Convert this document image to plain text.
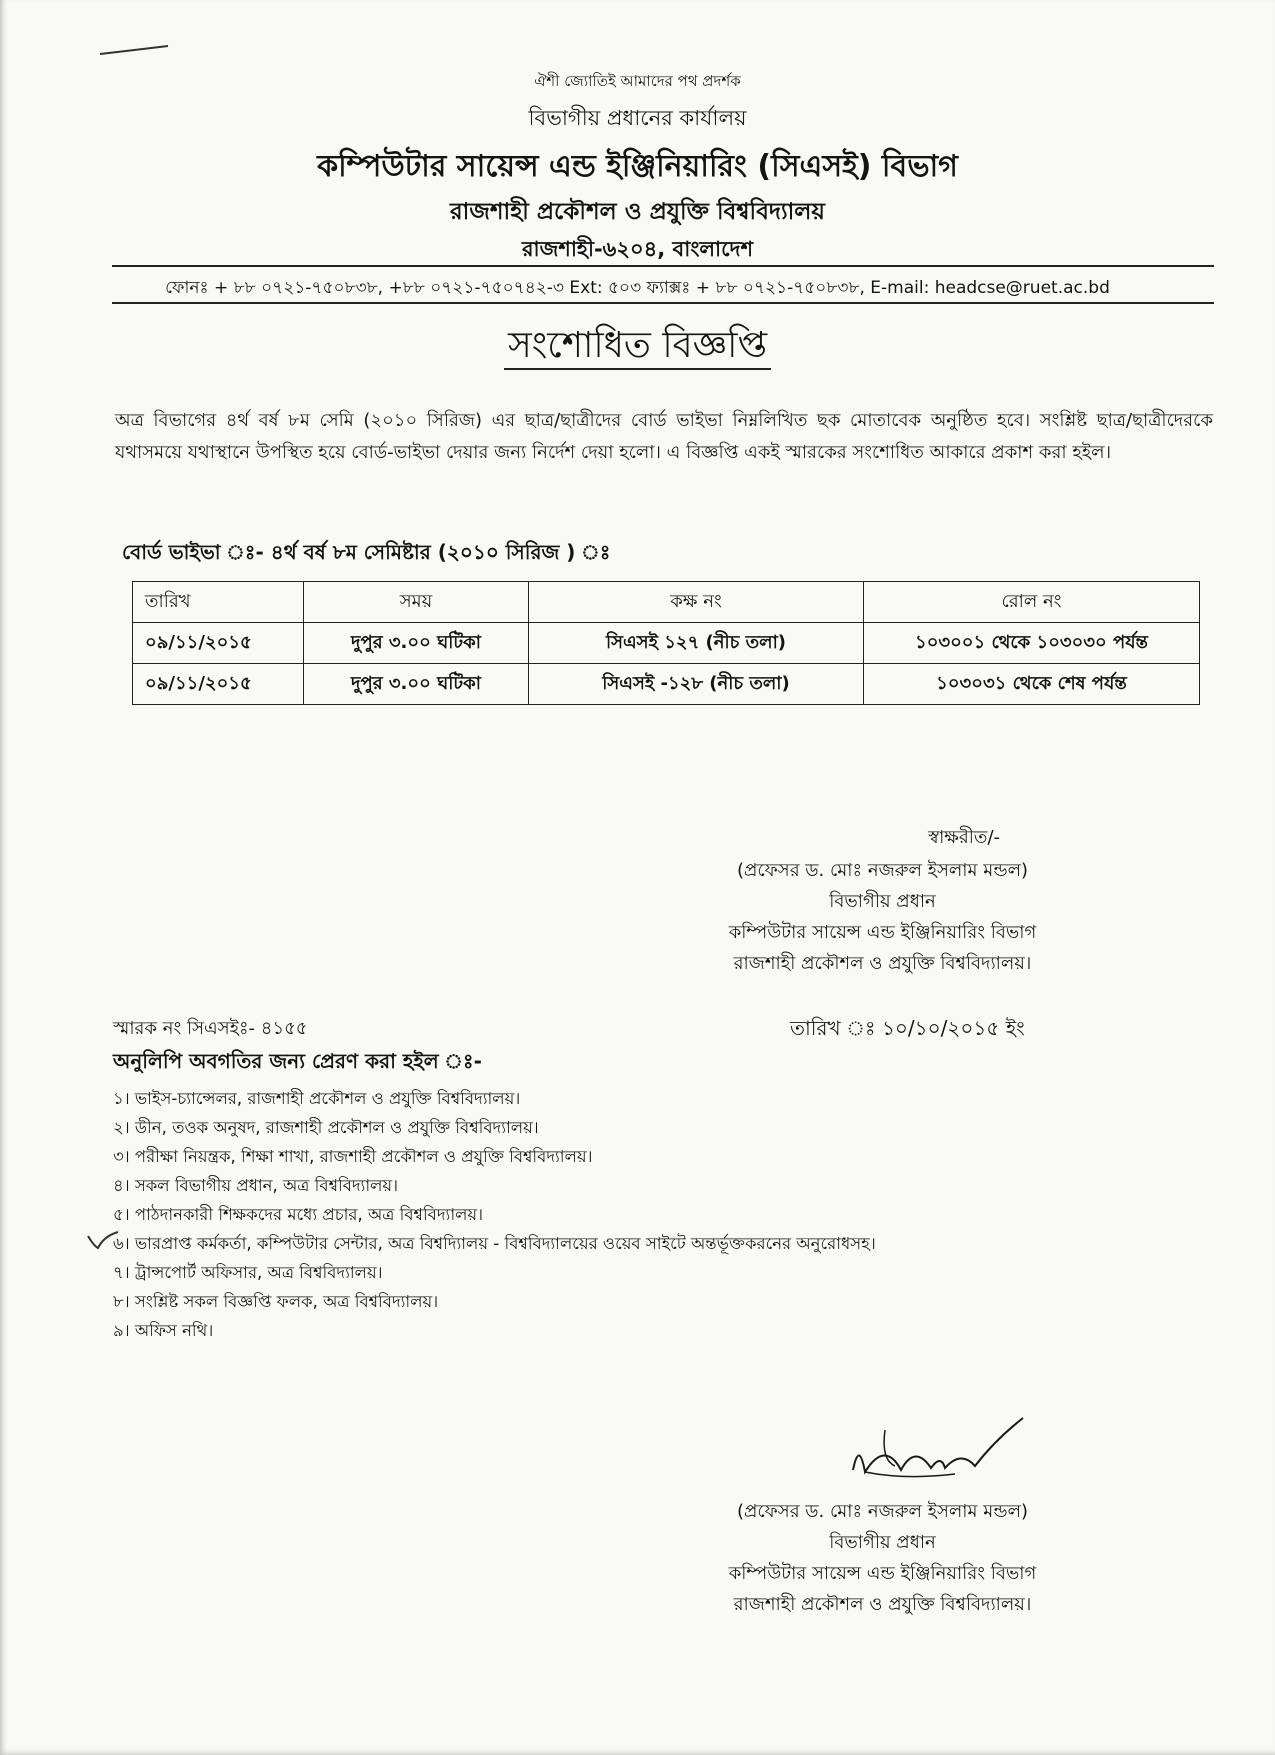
ঐশী জ্যোতিই আমাদের পথ প্রদর্শক
বিভাগীয় প্রধানের কার্যালয়
কম্পিউটার সায়েন্স এন্ড ইঞ্জিনিয়ারিং (সিএসই) বিভাগ
রাজশাহী প্রকৌশল ও প্রযুক্তি বিশ্ববিদ্যালয়
রাজশাহী-৬২০৪, বাংলাদেশ
ফোনঃ + ৮৮ ০৭২১-৭৫০৮৩৮, +৮৮ ০৭২১-৭৫০৭৪২-৩ Ext: ৫০৩ ফ্যাক্সঃ + ৮৮ ০৭২১-৭৫০৮৩৮, E-mail: headcse@ruet.ac.bd
সংশোধিত বিজ্ঞপ্তি
অত্র বিভাগের ৪র্থ বর্ষ ৮ম সেমি (২০১০ সিরিজ) এর ছাত্র/ছাত্রীদের বোর্ড ভাইভা নিম্নলিখিত ছক মোতাবেক অনুষ্ঠিত হবে। সংশ্লিষ্ট ছাত্র/ছাত্রীদেরকে যথাসময়ে যথাস্থানে উপস্থিত হয়ে বোর্ড-ভাইভা দেয়ার জন্য নির্দেশ দেয়া হলো। এ বিজ্ঞপ্তি একই স্মারকের সংশোধিত আকারে প্রকাশ করা হইল।
বোর্ড ভাইভা ঃ- ৪র্থ বর্ষ ৮ম সেমিষ্টার (২০১০ সিরিজ ) ঃ
তারিখ	সময়	কক্ষ নং	রোল নং
০৯/১১/২০১৫	দুপুর ৩.০০ ঘটিকা	সিএসই ১২৭ (নীচ তলা)	১০৩০০১ থেকে ১০৩০৩০ পর্যন্ত
০৯/১১/২০১৫	দুপুর ৩.০০ ঘটিকা	সিএসই -১২৮ (নীচ তলা)	১০৩০৩১ থেকে শেষ পর্যন্ত
স্বাক্ষরীত/-
(প্রফেসর ড. মোঃ নজরুল ইসলাম মন্ডল)
বিভাগীয় প্রধান
কম্পিউটার সায়েন্স এন্ড ইঞ্জিনিয়ারিং বিভাগ
রাজশাহী প্রকৌশল ও প্রযুক্তি বিশ্ববিদ্যালয়।
স্মারক নং সিএসইঃ- ৪১৫৫	তারিখ ঃ ১০/১০/২০১৫ ইং
অনুলিপি অবগতির জন্য প্রেরণ করা হইল ঃ-
১। ভাইস-চ্যান্সেলর, রাজশাহী প্রকৌশল ও প্রযুক্তি বিশ্ববিদ্যালয়।
২। ডীন, তওক অনুষদ, রাজশাহী প্রকৌশল ও প্রযুক্তি বিশ্ববিদ্যালয়।
৩। পরীক্ষা নিয়ন্ত্রক, শিক্ষা শাখা, রাজশাহী প্রকৌশল ও প্রযুক্তি বিশ্ববিদ্যালয়।
৪। সকল বিভাগীয় প্রধান, অত্র বিশ্ববিদ্যালয়।
৫। পাঠদানকারী শিক্ষকদের মধ্যে প্রচার, অত্র বিশ্ববিদ্যালয়।
৬। ভারপ্রাপ্ত কর্মকর্তা, কম্পিউটার সেন্টার, অত্র বিশ্বদ্যিালয় - বিশ্ববিদ্যালয়ের ওয়েব সাইটে অন্তর্ভূক্তকরনের অনুরোধসহ।
৭। ট্রান্সপোর্ট অফিসার, অত্র বিশ্ববিদ্যালয়।
৮। সংশ্লিষ্ট সকল বিজ্ঞপ্তি ফলক, অত্র বিশ্ববিদ্যালয়।
৯। অফিস নথি।
(প্রফেসর ড. মোঃ নজরুল ইসলাম মন্ডল)
বিভাগীয় প্রধান
কম্পিউটার সায়েন্স এন্ড ইঞ্জিনিয়ারিং বিভাগ
রাজশাহী প্রকৌশল ও প্রযুক্তি বিশ্ববিদ্যালয়।
